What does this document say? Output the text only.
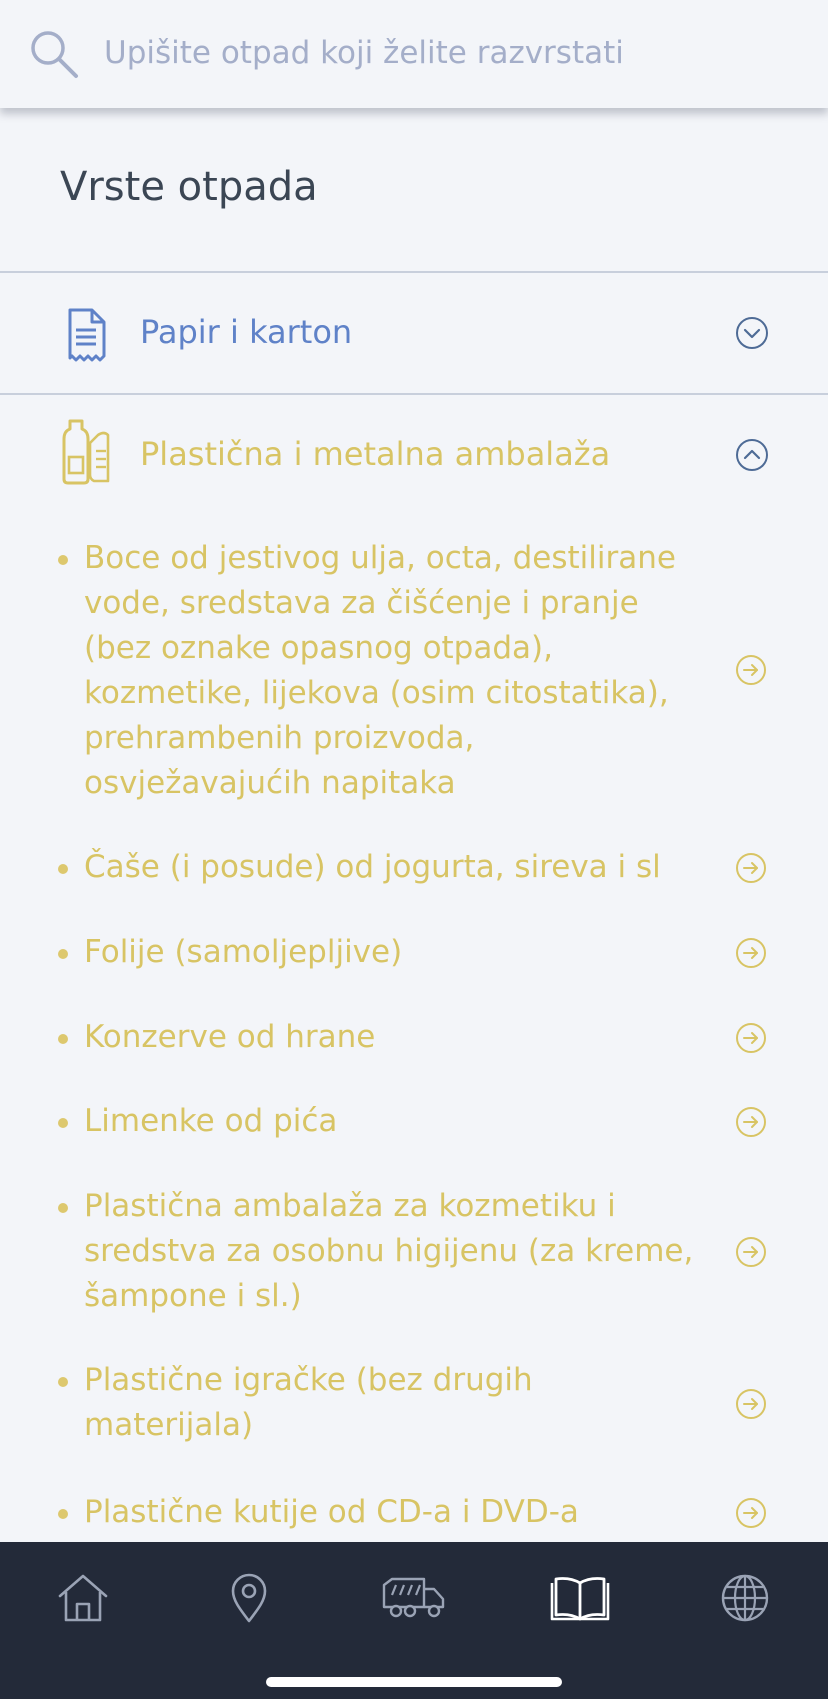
Upišite otpad koji želite razvrstati
Vrste otpada
Papir i karton
Plastična i metalna ambalaža
Boce od jestivog ulja, octa, destilirane vode, sredstava za čišćenje i pranje (bez oznake opasnog otpada), kozmetike, lijekova (osim citostatika), prehrambenih proizvoda, osvježavajućih napitaka
Čaše (i posude) od jogurta, sireva i sl
Folije (samoljepljive)
Konzerve od hrane
Limenke od pića
Plastična ambalaža za kozmetiku i sredstva za osobnu higijenu (za kreme, šampone i sl.)
Plastične igračke (bez drugih materijala)
Plastične kutije od CD-a i DVD-a
